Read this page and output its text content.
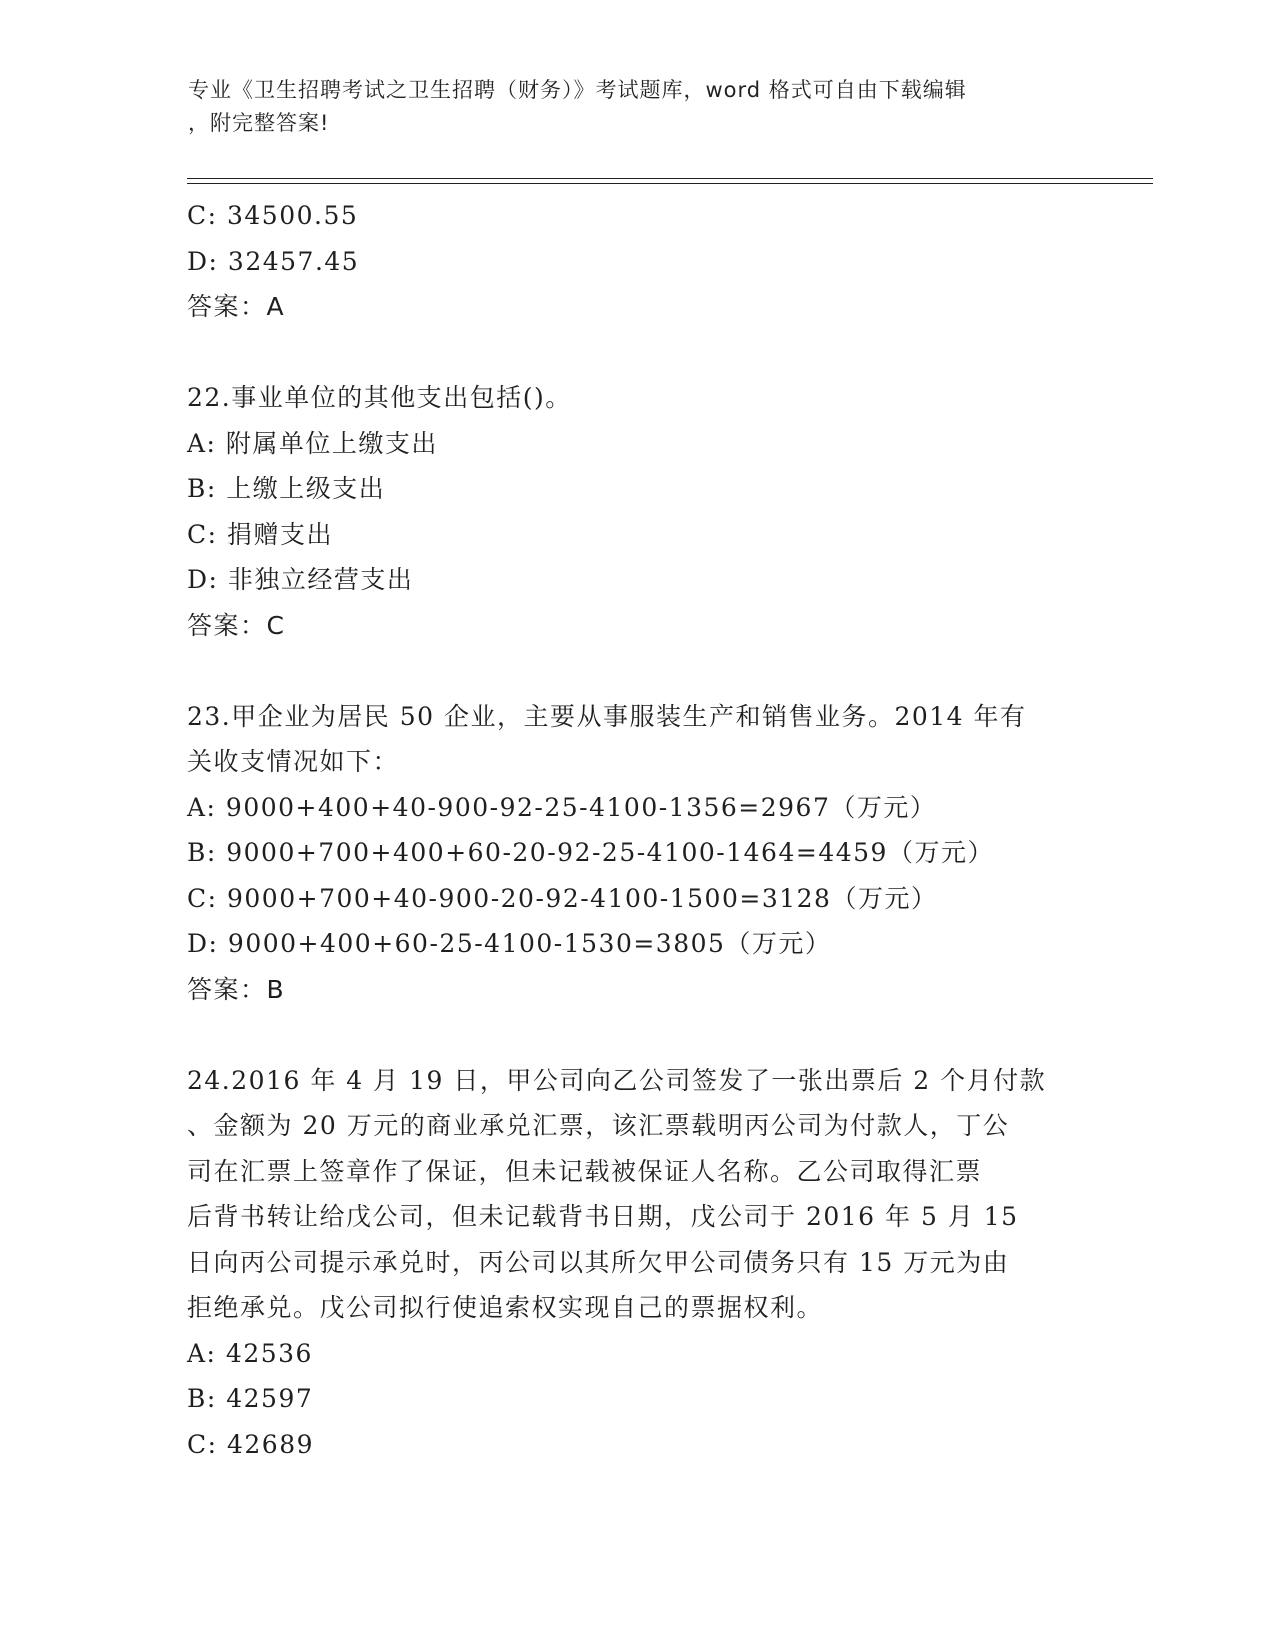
专业《卫生招聘考试之卫生招聘（财务）》考试题库，word 格式可自由下载编辑
，附完整答案!
C: 34500.55
D: 32457.45
答案：A
22.事业单位的其他支出包括()。
A: 附属单位上缴支出
B: 上缴上级支出
C: 捐赠支出
D: 非独立经营支出
答案：C
23.甲企业为居民 50 企业，主要从事服装生产和销售业务。2014 年有
关收支情况如下：
A: 9000+400+40-900-92-25-4100-1356=2967（万元）
B: 9000+700+400+60-20-92-25-4100-1464=4459（万元）
C: 9000+700+40-900-20-92-4100-1500=3128（万元）
D: 9000+400+60-25-4100-1530=3805（万元）
答案：B
24.2016 年 4 月 19 日，甲公司向乙公司签发了一张出票后 2 个月付款
、金额为 20 万元的商业承兑汇票，该汇票载明丙公司为付款人，丁公
司在汇票上签章作了保证，但未记载被保证人名称。乙公司取得汇票
后背书转让给戊公司，但未记载背书日期，戊公司于 2016 年 5 月 15
日向丙公司提示承兑时，丙公司以其所欠甲公司债务只有 15 万元为由
拒绝承兑。戊公司拟行使追索权实现自己的票据权利。
A: 42536
B: 42597
C: 42689
